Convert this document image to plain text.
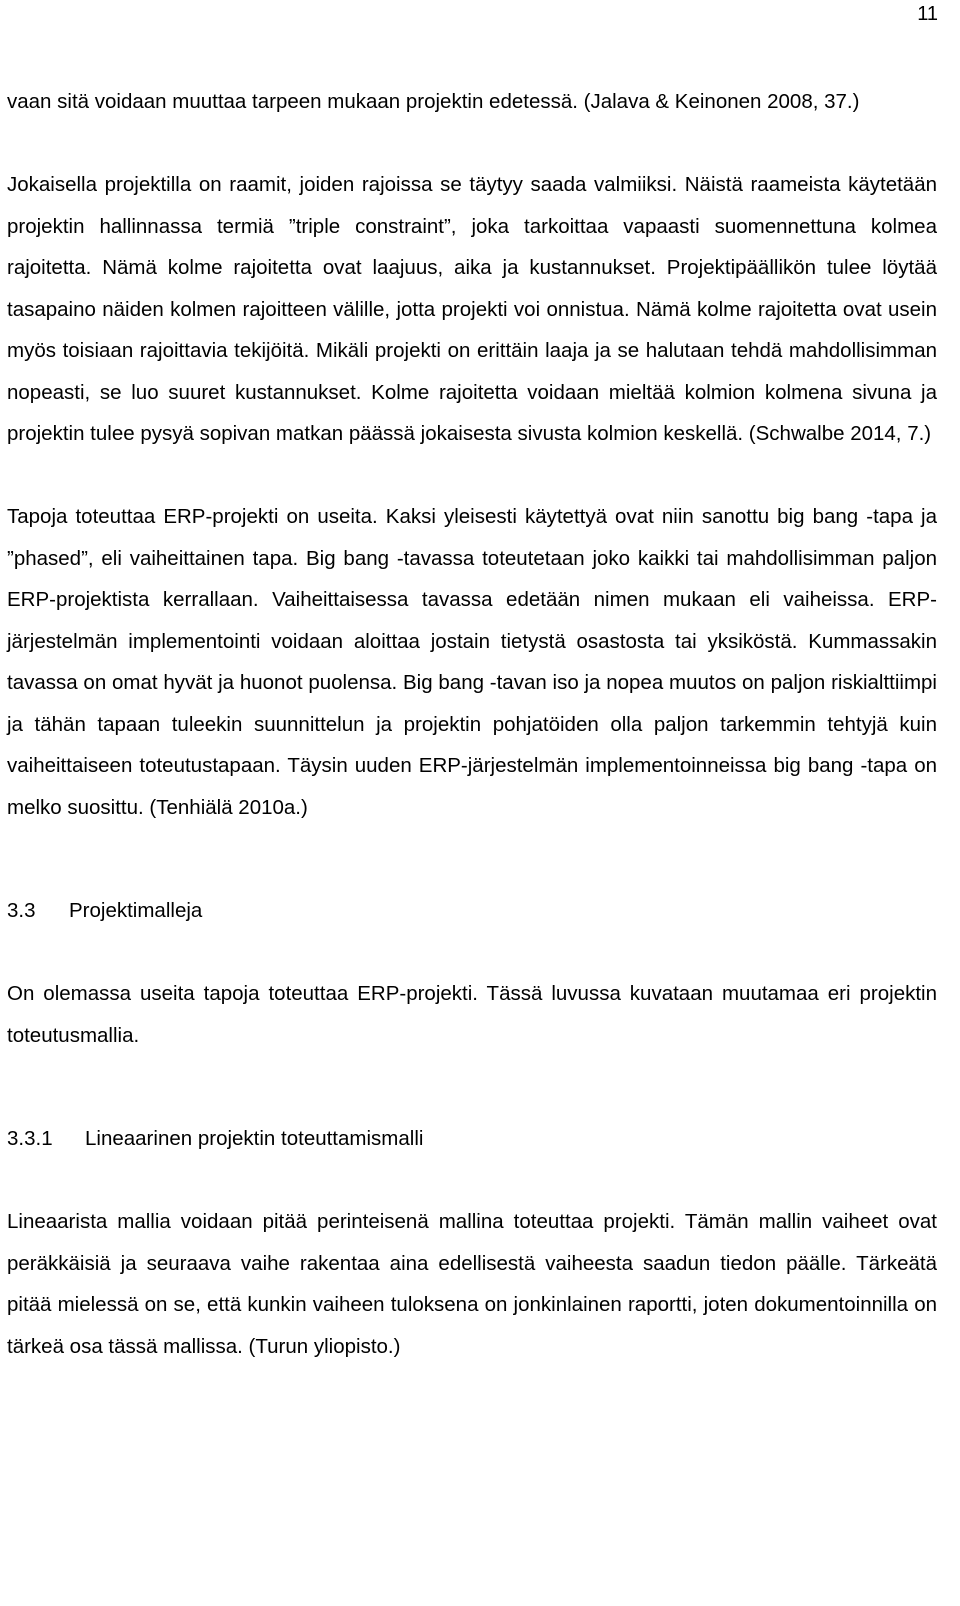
11

vaan sitä voidaan muuttaa tarpeen mukaan projektin edetessä. (Jalava & Keinonen 2008, 37.)

Jokaisella projektilla on raamit, joiden rajoissa se täytyy saada valmiiksi. Näistä raameista käytetään projektin hallinnassa termiä ”triple constraint”, joka tarkoittaa vapaasti suomennettuna kolmea rajoitetta. Nämä kolme rajoitetta ovat laajuus, aika ja kustannukset. Projektipäällikön tulee löytää tasapaino näiden kolmen rajoitteen välille, jotta projekti voi onnistua. Nämä kolme rajoitetta ovat usein myös toisiaan rajoittavia tekijöitä. Mikäli projekti on erittäin laaja ja se halutaan tehdä mahdollisimman nopeasti, se luo suuret kustannukset. Kolme rajoitetta voidaan mieltää kolmion kolmena sivuna ja projektin tulee pysyä sopivan matkan päässä jokaisesta sivusta kolmion keskellä. (Schwalbe 2014, 7.)

Tapoja toteuttaa ERP-projekti on useita. Kaksi yleisesti käytettyä ovat niin sanottu big bang -tapa ja ”phased”, eli vaiheittainen tapa. Big bang -tavassa toteutetaan joko kaikki tai mahdollisimman paljon ERP-projektista kerrallaan. Vaiheittaisessa tavassa edetään nimen mukaan eli vaiheissa. ERP-järjestelmän implementointi voidaan aloittaa jostain tietystä osastosta tai yksiköstä. Kummassakin tavassa on omat hyvät ja huonot puolensa. Big bang -tavan iso ja nopea muutos on paljon riskialttiimpi ja tähän tapaan tuleekin suunnittelun ja projektin pohjatöiden olla paljon tarkemmin tehtyjä kuin vaiheittaiseen toteutustapaan. Täysin uuden ERP-järjestelmän implementoinneissa big bang -tapa on melko suosittu. (Tenhiälä 2010a.)

3.3	Projektimalleja

On olemassa useita tapoja toteuttaa ERP-projekti. Tässä luvussa kuvataan muutamaa eri projektin toteutusmallia.

3.3.1	Lineaarinen projektin toteuttamismalli

Lineaarista mallia voidaan pitää perinteisenä mallina toteuttaa projekti. Tämän mallin vaiheet ovat peräkkäisiä ja seuraava vaihe rakentaa aina edellisestä vaiheesta saadun tiedon päälle. Tärkeätä pitää mielessä on se, että kunkin vaiheen tuloksena on jonkinlainen raportti, joten dokumentoinnilla on tärkeä osa tässä mallissa. (Turun yliopisto.)
